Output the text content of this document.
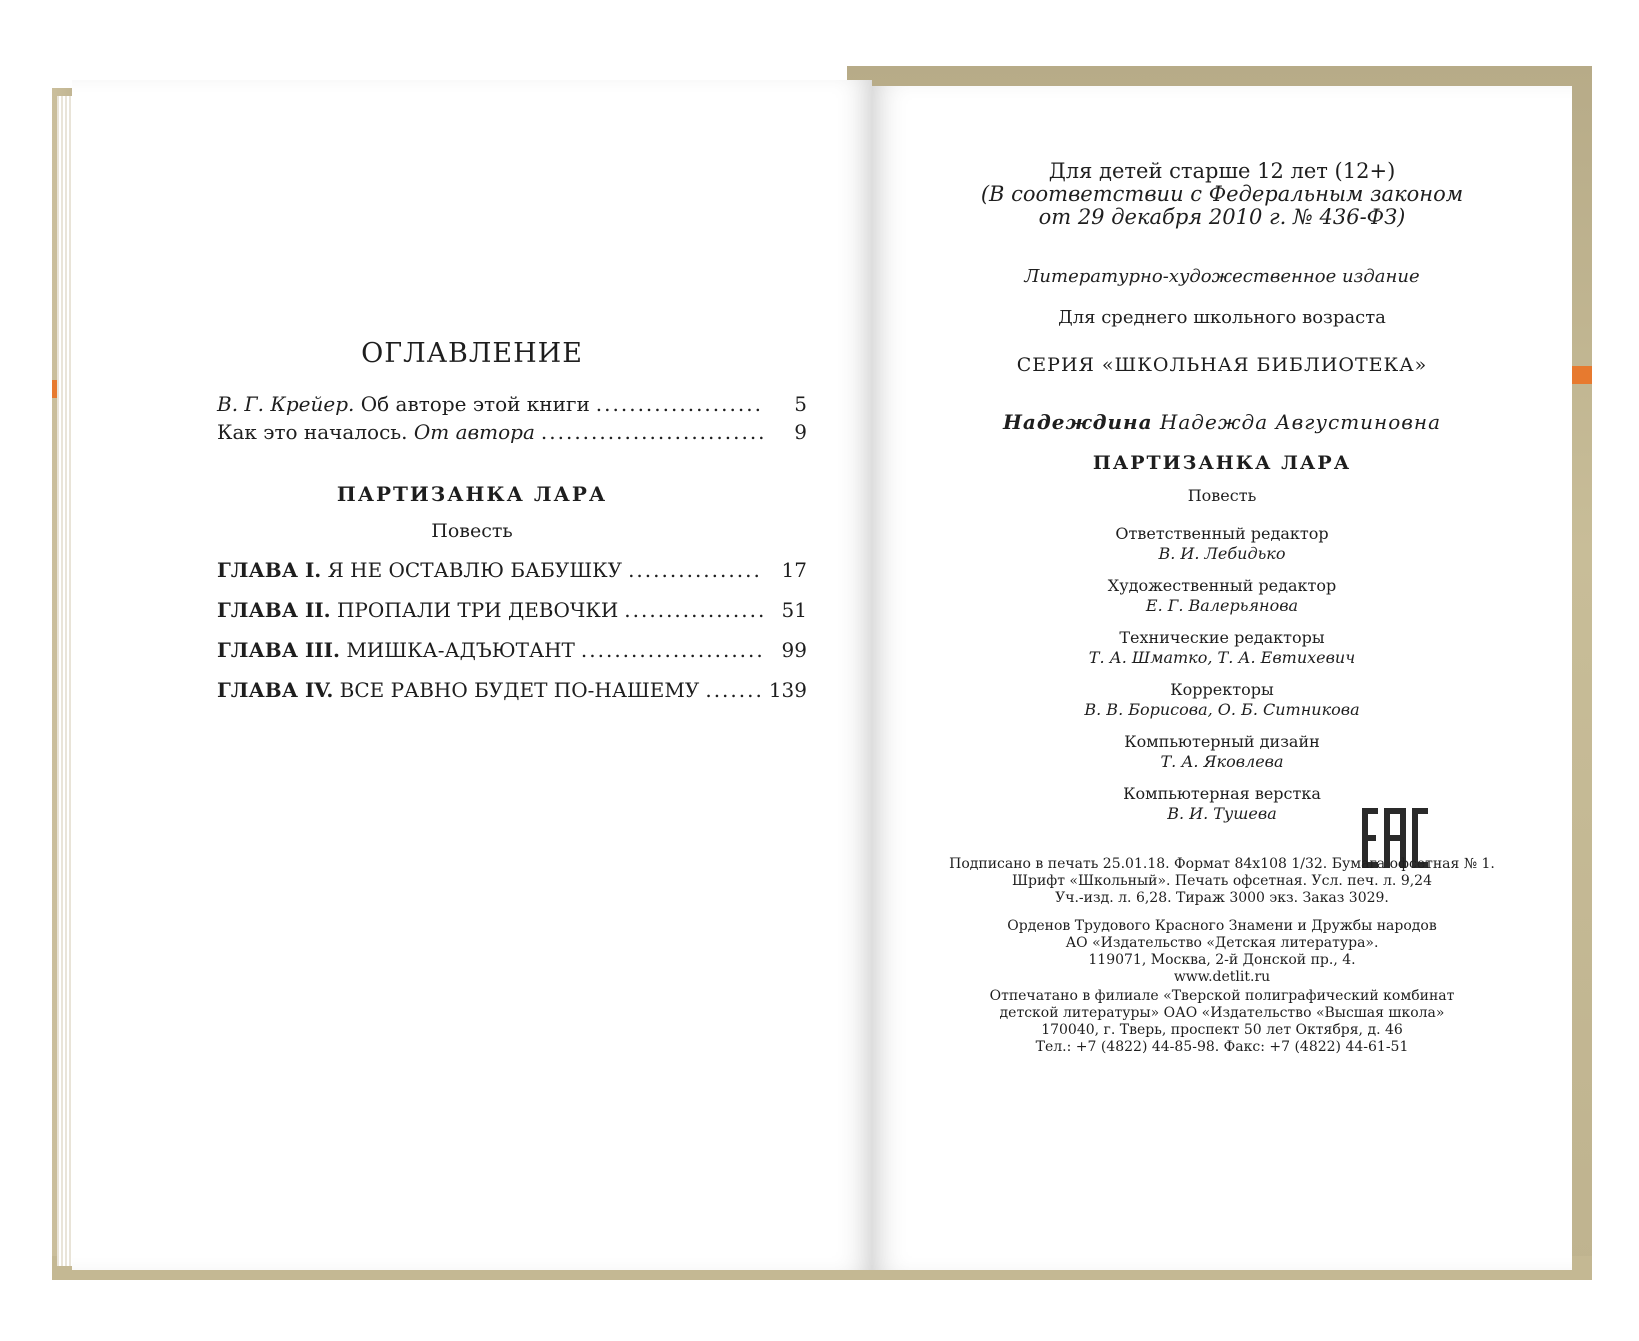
ОГЛАВЛЕНИЕ
В. Г. Крейер. Об авторе этой книги .....	5
Как это началось. От автора .....	9
ПАРТИЗАНКА ЛАРА
Повесть
ГЛАВА I. Я НЕ ОСТАВЛЮ БАБУШКУ .....	17
ГЛАВА II. ПРОПАЛИ ТРИ ДЕВОЧКИ .....	51
ГЛАВА III. МИШКА-АДЪЮТАНТ .....	99
ГЛАВА IV. ВСЕ РАВНО БУДЕТ ПО-НАШЕМУ .....	139
Для детей старше 12 лет (12+)
(В соответствии с Федеральным законом
от 29 декабря 2010 г. № 436-ФЗ)
Литературно-художественное издание
Для среднего школьного возраста
СЕРИЯ «ШКОЛЬНАЯ БИБЛИОТЕКА»
Надеждина Надежда Августиновна
ПАРТИЗАНКА ЛАРА
Повесть
Ответственный редактор
В. И. Лебидько
Художественный редактор
Е. Г. Валерьянова
Технические редакторы
Т. А. Шматко, Т. А. Евтихевич
Корректоры
В. В. Борисова, О. Б. Ситникова
Компьютерный дизайн
Т. А. Яковлева
Компьютерная верстка
В. И. Тушева
Подписано в печать 25.01.18. Формат 84x108 1/32. Бумага офсетная № 1.
Шрифт «Школьный». Печать офсетная. Усл. печ. л. 9,24
Уч.-изд. л. 6,28. Тираж 3000 экз. Заказ 3029.
Орденов Трудового Красного Знамени и Дружбы народов
АО «Издательство «Детская литература».
119071, Москва, 2-й Донской пр., 4.
www.detlit.ru
Отпечатано в филиале «Тверской полиграфический комбинат
детской литературы» ОАО «Издательство «Высшая школа»
170040, г. Тверь, проспект 50 лет Октября, д. 46
Тел.: +7 (4822) 44-85-98. Факс: +7 (4822) 44-61-51
